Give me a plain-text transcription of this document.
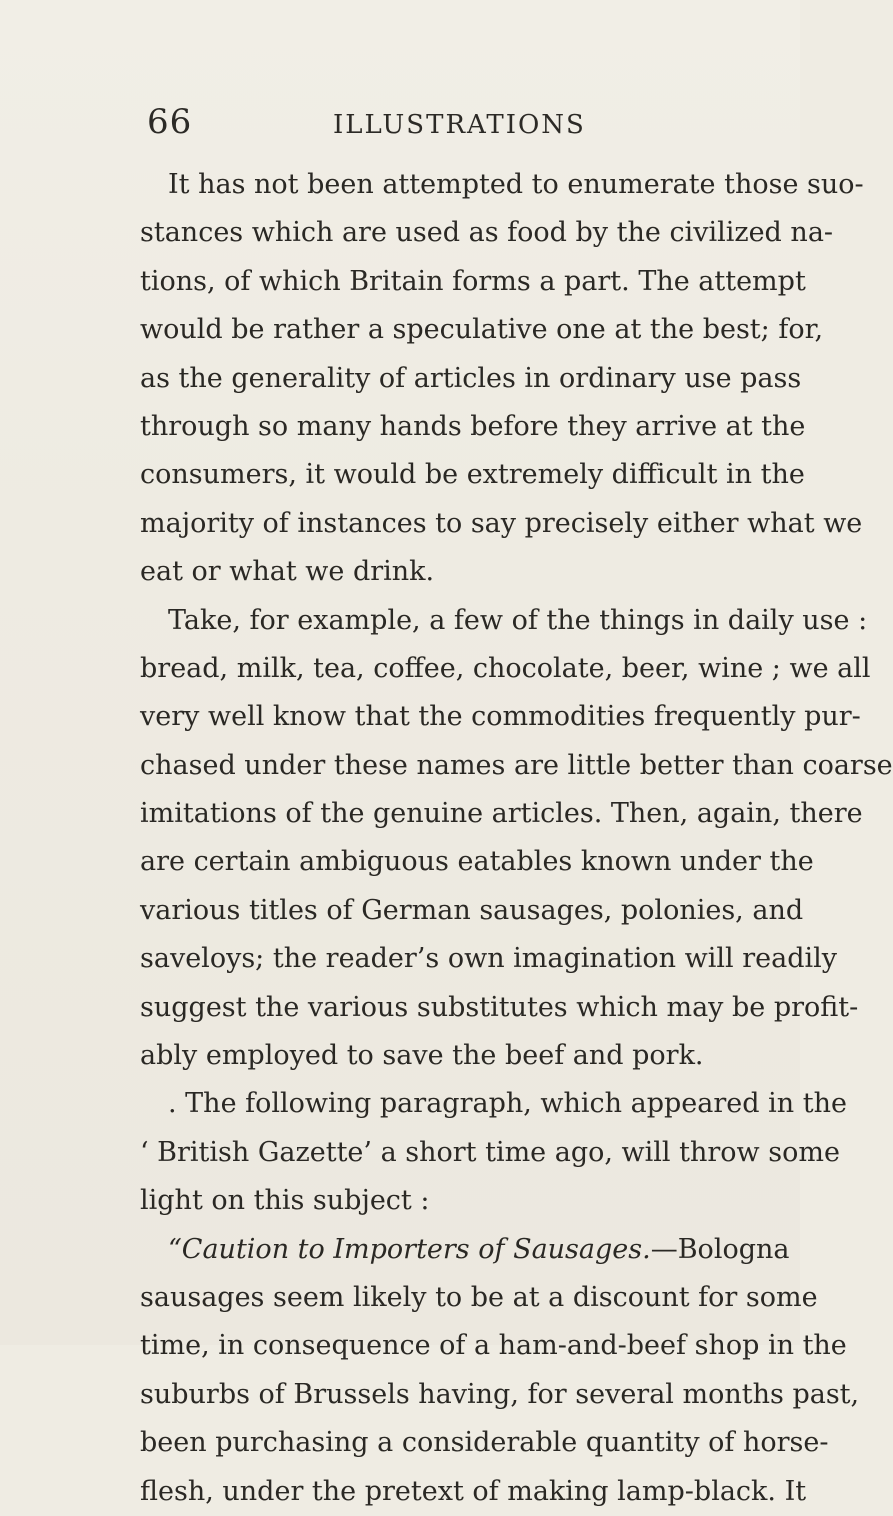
66	ILLUSTRATIONS
It has not been attempted to enumerate those suo-
stances which are used as food by the civilized na-
tions, of which Britain forms a part. The attempt
would be rather a speculative one at the best; for,
as the generality of articles in ordinary use pass
through so many hands before they arrive at the
consumers, it would be extremely difficult in the
majority of instances to say precisely either what we
eat or what we drink.
Take, for example, a few of the things in daily use :
bread, milk, tea, coffee, chocolate, beer, wine ; we all
very well know that the commodities frequently pur-
chased under these names are little better than coarse
imitations of the genuine articles. Then, again, there
are certain ambiguous eatables known under the
various titles of German sausages, polonies, and
saveloys; the reader’s own imagination will readily
suggest the various substitutes which may be profit-
ably employed to save the beef and pork.
. The following paragraph, which appeared in the
‘ British Gazette’ a short time ago, will throw some
light on this subject :
“Caution to Importers of Sausages.—Bologna
sausages seem likely to be at a discount for some
time, in consequence of a ham-and-beef shop in the
suburbs of Brussels having, for several months past,
been purchasing a considerable quantity of horse-
flesh, under the pretext of making lamp-black. It
